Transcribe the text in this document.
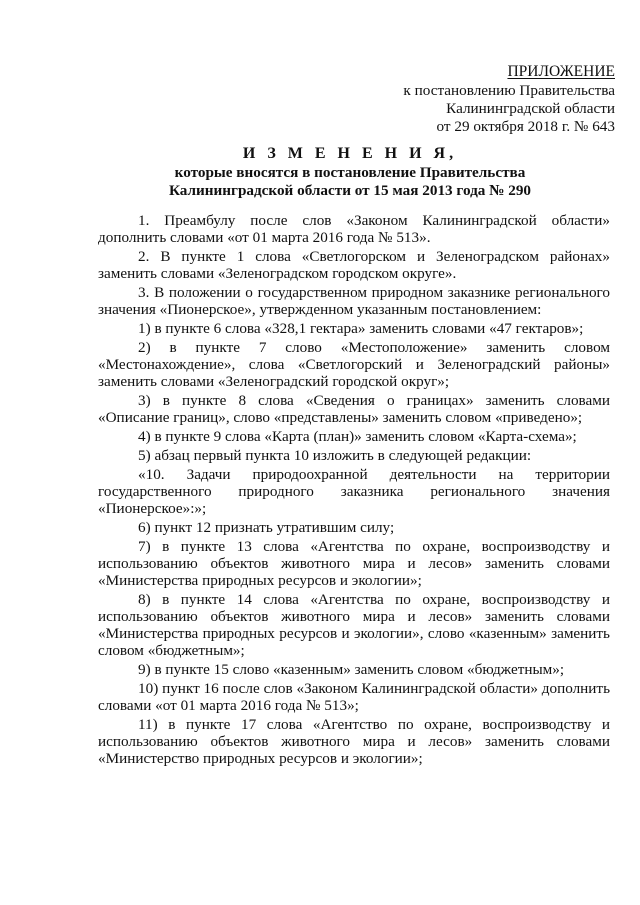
ПРИЛОЖЕНИЕ
к постановлению Правительства
Калининградской области
от 29 октября 2018 г. № 643
И З М Е Н Е Н И Я,
которые вносятся в постановление Правительства
Калининградской области от 15 мая 2013 года № 290

1. Преамбулу после слов «Законом Калининградской области» дополнить словами «от 01 марта 2016 года № 513».

2. В пункте 1 слова «Светлогорском и Зеленоградском районах» заменить словами «Зеленоградском городском округе».

3. В положении о государственном природном заказнике регионального значения «Пионерское», утвержденном указанным постановлением:

1) в пункте 6 слова «328,1 гектара» заменить словами «47 гектаров»;

2) в пункте 7 слово «Местоположение» заменить словом «Местонахождение», слова «Светлогорский и Зеленоградский районы» заменить словами «Зеленоградский городской округ»;

3) в пункте 8 слова «Сведения о границах» заменить словами «Описание границ», слово «представлены» заменить словом «приведено»;

4) в пункте 9 слова «Карта (план)» заменить словом «Карта-схема»;

5) абзац первый пункта 10 изложить в следующей редакции:

«10. Задачи природоохранной деятельности на территории государственного природного заказника регионального значения «Пионерское»:»;

6) пункт 12 признать утратившим силу;

7) в пункте 13 слова «Агентства по охране, воспроизводству и использованию объектов животного мира и лесов» заменить словами «Министерства природных ресурсов и экологии»;

8) в пункте 14 слова «Агентства по охране, воспроизводству и использованию объектов животного мира и лесов» заменить словами «Министерства природных ресурсов и экологии», слово «казенным» заменить словом «бюджетным»;

9) в пункте 15 слово «казенным» заменить словом «бюджетным»;

10) пункт 16 после слов «Законом Калининградской области» дополнить словами «от 01 марта 2016 года № 513»;

11) в пункте 17 слова «Агентство по охране, воспроизводству и использованию объектов животного мира и лесов» заменить словами «Министерство природных ресурсов и экологии»;
